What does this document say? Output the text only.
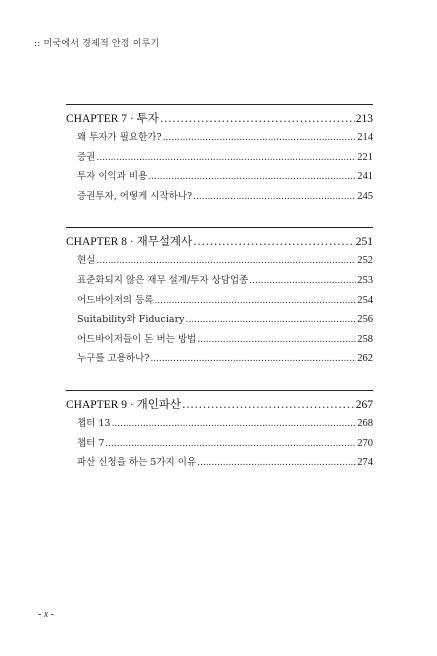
:: 미국에서 경제적 안정 이루기
CHAPTER 7 · 투자 . . .	213
왜 투자가 필요한가? . . .	214
증권 . . .	221
투자 이익과 비용 . . .	241
증권투자, 어떻게 시작하나? . . .	245
CHAPTER 8 · 재무설계사 . . .	251
현실 . . .	252
표준화되지 않은 재무 설계/투자 상담업종 . . .	253
어드바이저의 등록 . . .	254
Suitability와 Fiduciary . . .	256
어드바이저들이 돈 버는 방법 . . .	258
누구를 고용하나? . . .	262
CHAPTER 9 · 개인파산 . . .	267
챕터 13 . . .	268
챕터 7 . . .	270
파산 신청을 하는 5가지 이유 . . .	274
- x -
